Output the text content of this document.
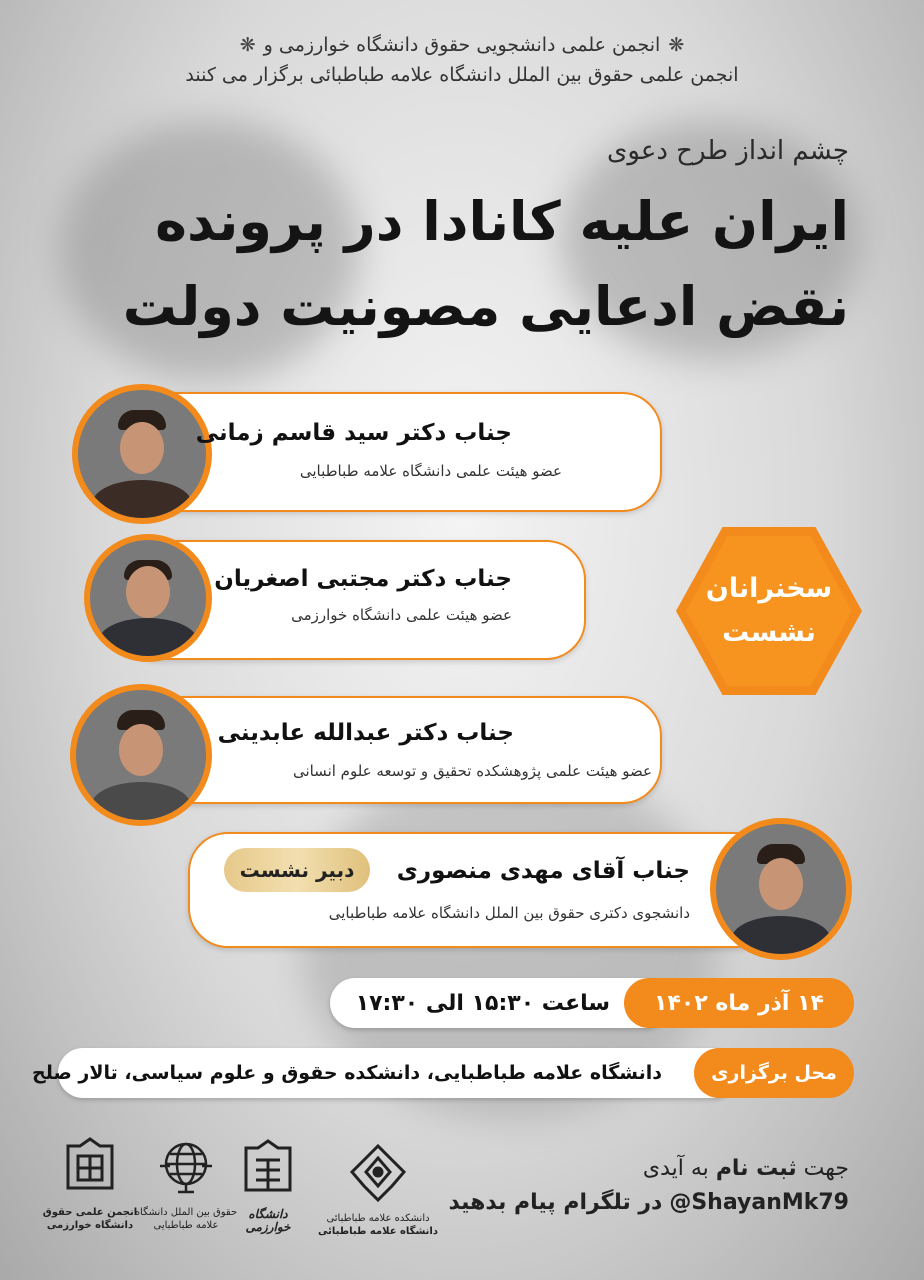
❋انجمن علمی دانشجویی حقوق دانشگاه خوارزمی و❋
انجمن علمی حقوق بین الملل دانشگاه علامه طباطبائی برگزار می کنند
چشم انداز طرح دعوی
ایران علیه کانادا در پرونده
نقض ادعایی مصونیت دولت
جناب دکتر سید قاسم زمانی
عضو هیئت علمی دانشگاه علامه طباطبایی
جناب دکتر مجتبی اصغریان
عضو هیئت علمی دانشگاه خوارزمی
جناب دکتر عبدالله عابدینی
عضو هیئت علمی پژوهشکده تحقیق و توسعه علوم انسانی
سخنرانان
نشست
جناب آقای مهدی منصوری
دانشجوی دکتری حقوق بین الملل دانشگاه علامه طباطبایی
دبیر نشست
ساعت ۱۵:۳۰ الی ۱۷:۳۰ ۱۴ آذر ماه ۱۴۰۲
دانشگاه علامه طباطبایی، دانشکده حقوق و علوم سیاسی، تالار صلح	محل برگزاری
جهت ثبت نام به آیدی
@ShayanMk79 در تلگرام پیام بدهید
دانشکده علامه طباطبائی
دانشگاه علامه طباطبائی
دانشگاه خوارزمی
حقوق بین الملل دانشگاه
علامه طباطبایی
انجمن علمی حقوق
دانشگاه خوارزمی
